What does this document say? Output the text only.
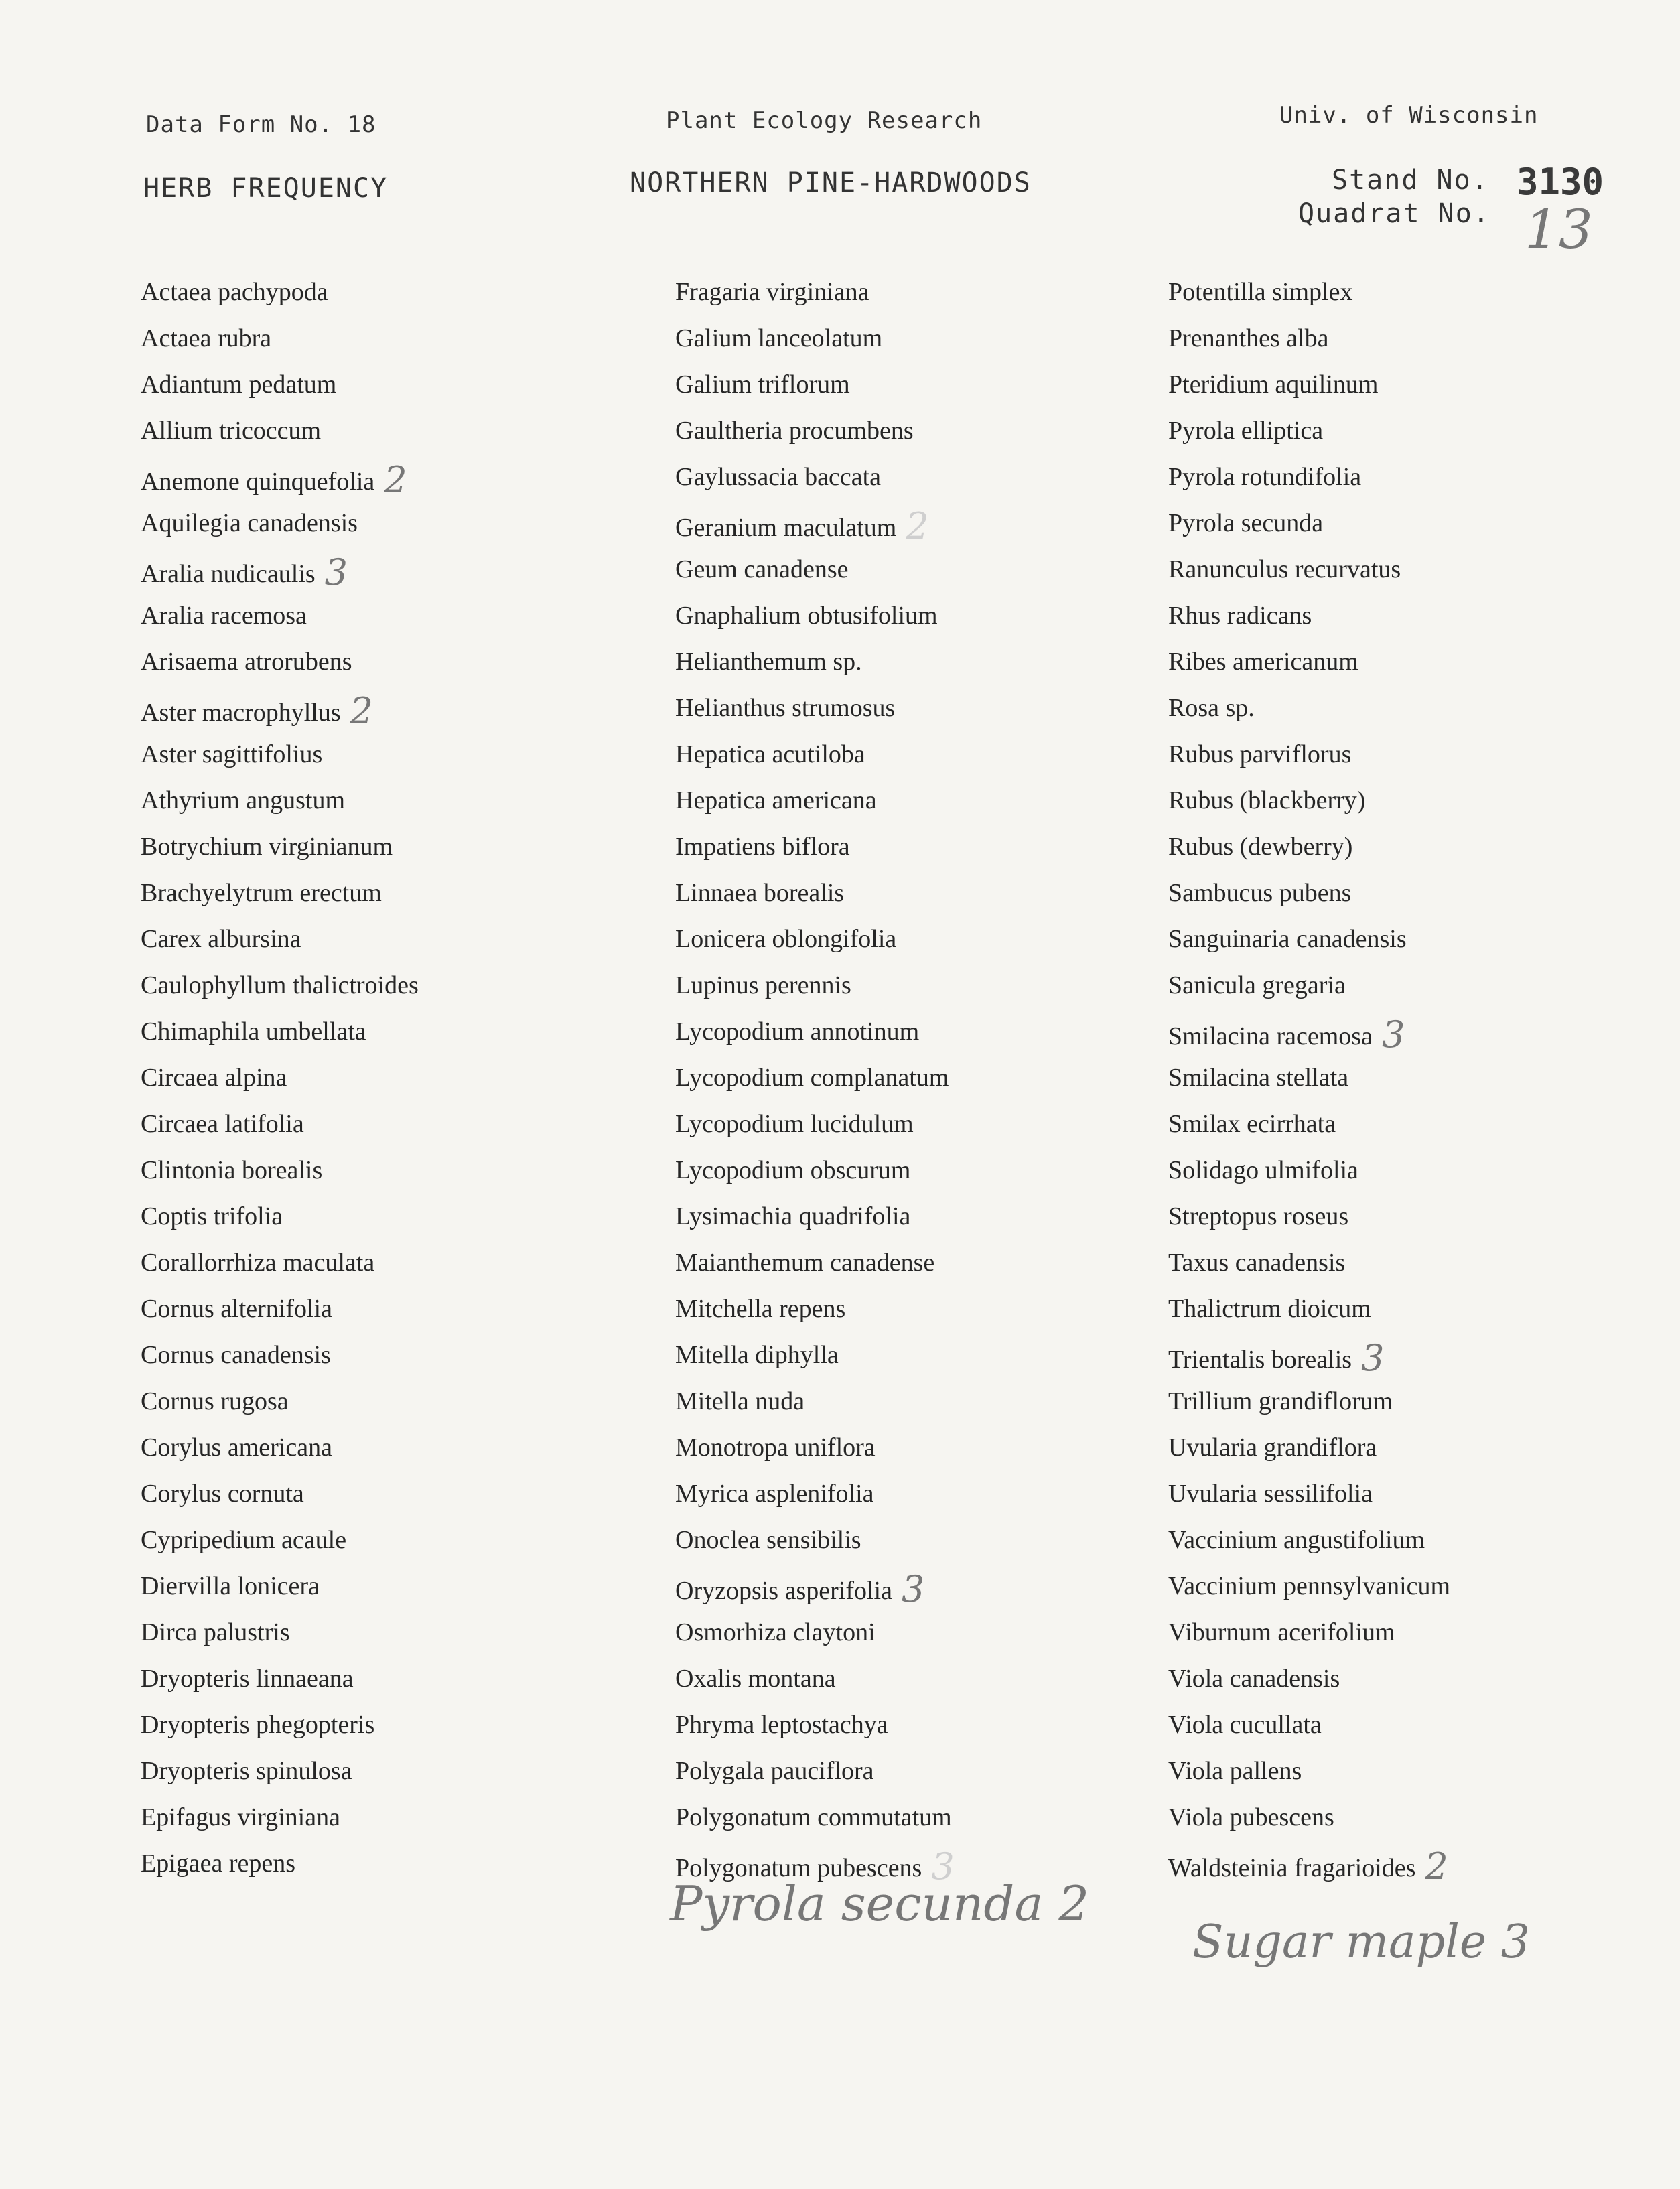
Data Form No. 18	Plant Ecology Research	Univ. of Wisconsin
HERB FREQUENCY	NORTHERN PINE-HARDWOODS	Stand No. 3130
Quadrat No. 13
Actaea pachypoda
Actaea rubra
Adiantum pedatum
Allium tricoccum
Anemone quinquefolia 2
Aquilegia canadensis
Aralia nudicaulis 3
Aralia racemosa
Arisaema atrorubens
Aster macrophyllus 2
Aster sagittifolius
Athyrium angustum
Botrychium virginianum
Brachyelytrum erectum
Carex albursina
Caulophyllum thalictroides
Chimaphila umbellata
Circaea alpina
Circaea latifolia
Clintonia borealis
Coptis trifolia
Corallorrhiza maculata
Cornus alternifolia
Cornus canadensis
Cornus rugosa
Corylus americana
Corylus cornuta
Cypripedium acaule
Diervilla lonicera
Dirca palustris
Dryopteris linnaeana
Dryopteris phegopteris
Dryopteris spinulosa
Epifagus virginiana
Epigaea repens
Fragaria virginiana
Galium lanceolatum
Galium triflorum
Gaultheria procumbens
Gaylussacia baccata
Geranium maculatum 2
Geum canadense
Gnaphalium obtusifolium
Helianthemum sp.
Helianthus strumosus
Hepatica acutiloba
Hepatica americana
Impatiens biflora
Linnaea borealis
Lonicera oblongifolia
Lupinus perennis
Lycopodium annotinum
Lycopodium complanatum
Lycopodium lucidulum
Lycopodium obscurum
Lysimachia quadrifolia
Maianthemum canadense
Mitchella repens
Mitella diphylla
Mitella nuda
Monotropa uniflora
Myrica asplenifolia
Onoclea sensibilis
Oryzopsis asperifolia 3
Osmorhiza claytoni
Oxalis montana
Phryma leptostachya
Polygala pauciflora
Polygonatum commutatum
Polygonatum pubescens 3
Potentilla simplex
Prenanthes alba
Pteridium aquilinum
Pyrola elliptica
Pyrola rotundifolia
Pyrola secunda
Ranunculus recurvatus
Rhus radicans
Ribes americanum
Rosa sp.
Rubus parviflorus
Rubus (blackberry)
Rubus (dewberry)
Sambucus pubens
Sanguinaria canadensis
Sanicula gregaria
Smilacina racemosa 3
Smilacina stellata
Smilax ecirrhata
Solidago ulmifolia
Streptopus roseus
Taxus canadensis
Thalictrum dioicum
Trientalis borealis 3
Trillium grandiflorum
Uvularia grandiflora
Uvularia sessilifolia
Vaccinium angustifolium
Vaccinium pennsylvanicum
Viburnum acerifolium
Viola canadensis
Viola cucullata
Viola pallens
Viola pubescens
Waldsteinia fragarioides 2
Pyrola secunda 2
Sugar maple 3
